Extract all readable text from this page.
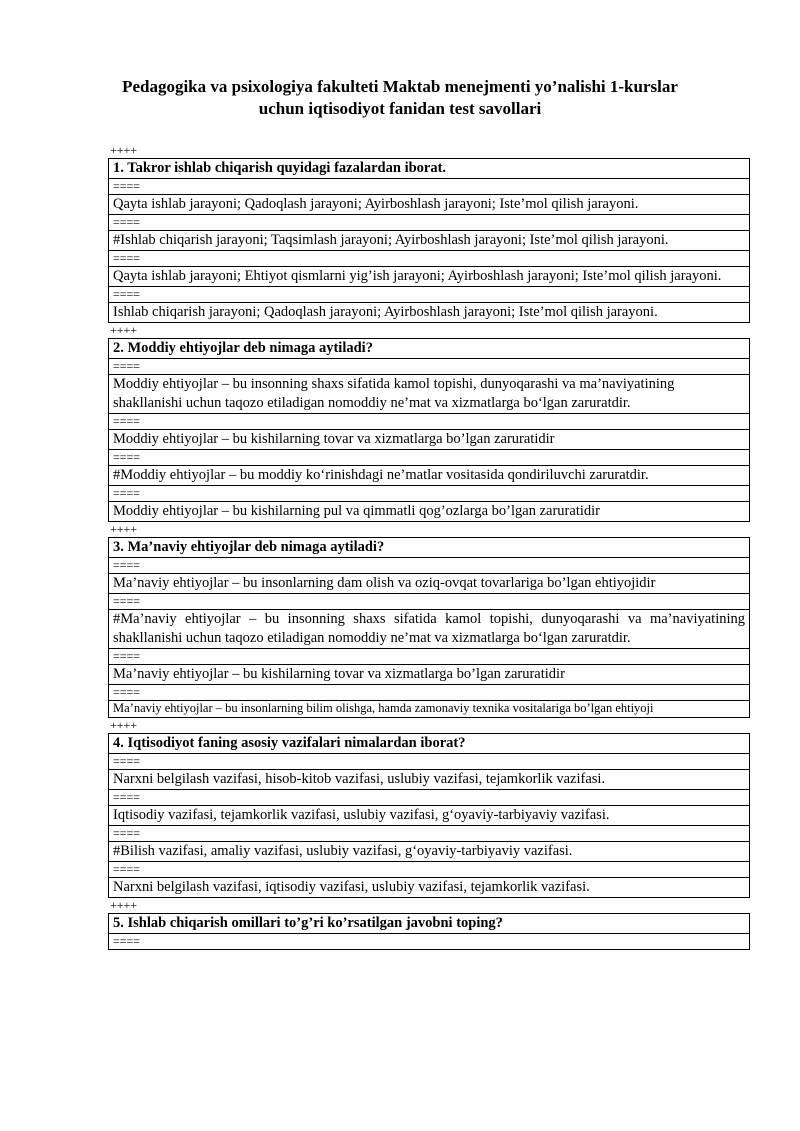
Pedagogika va psixologiya fakulteti Maktab menejmenti yo’nalishi 1-kurslar
uchun iqtisodiyot fanidan test savollari
++++
1. Takror ishlab chiqarish quyidagi fazalardan iborat.
====
Qayta ishlab jarayoni; Qadoqlash jarayoni; Ayirboshlash jarayoni; Iste’mol qilish jarayoni.
====
#Ishlab chiqarish jarayoni; Taqsimlash jarayoni; Ayirboshlash jarayoni; Iste’mol qilish jarayoni.
====
Qayta ishlab jarayoni; Ehtiyot qismlarni yig’ish jarayoni; Ayirboshlash jarayoni; Iste’mol qilish jarayoni.
====
Ishlab chiqarish jarayoni; Qadoqlash jarayoni; Ayirboshlash jarayoni; Iste’mol qilish jarayoni.
++++
2. Moddiy ehtiyojlar deb nimaga aytiladi?
====
Moddiy ehtiyojlar – bu insonning shaxs sifatida kamol topishi, dunyoqarashi va ma’naviyatining shakllanishi uchun taqozo etiladigan nomoddiy ne’mat va xizmatlarga bo‘lgan zaruratdir.
====
Moddiy ehtiyojlar – bu kishilarning tovar va xizmatlarga bo’lgan zaruratidir
====
#Moddiy ehtiyojlar – bu moddiy ko‘rinishdagi ne’matlar vositasida qondiriluvchi zaruratdir.
====
Moddiy ehtiyojlar – bu kishilarning pul va qimmatli qog’ozlarga bo’lgan zaruratidir
++++
3. Ma’naviy ehtiyojlar deb nimaga aytiladi?
====
Ma’naviy ehtiyojlar – bu insonlarning dam olish va oziq-ovqat tovarlariga bo’lgan ehtiyojidir
====
#Ma’naviy ehtiyojlar – bu insonning shaxs sifatida kamol topishi, dunyoqarashi va ma’naviyatining shakllanishi uchun taqozo etiladigan nomoddiy ne’mat va xizmatlarga bo‘lgan zaruratdir.
====
Ma’naviy ehtiyojlar – bu kishilarning tovar va xizmatlarga bo’lgan zaruratidir
====
Ma’naviy ehtiyojlar – bu insonlarning bilim olishga, hamda zamonaviy texnika vositalariga bo’lgan ehtiyoji
++++
4. Iqtisodiyot faning asosiy vazifalari nimalardan iborat?
====
Narxni belgilash vazifasi, hisob-kitob vazifasi, uslubiy vazifasi, tejamkorlik vazifasi.
====
Iqtisodiy vazifasi, tejamkorlik vazifasi, uslubiy vazifasi, g‘oyaviy-tarbiyaviy vazifasi.
====
#Bilish vazifasi, amaliy vazifasi, uslubiy vazifasi, g‘oyaviy-tarbiyaviy vazifasi.
====
Narxni belgilash vazifasi, iqtisodiy vazifasi, uslubiy vazifasi, tejamkorlik vazifasi.
++++
5. Ishlab chiqarish omillari to’g’ri ko’rsatilgan javobni toping?
====
